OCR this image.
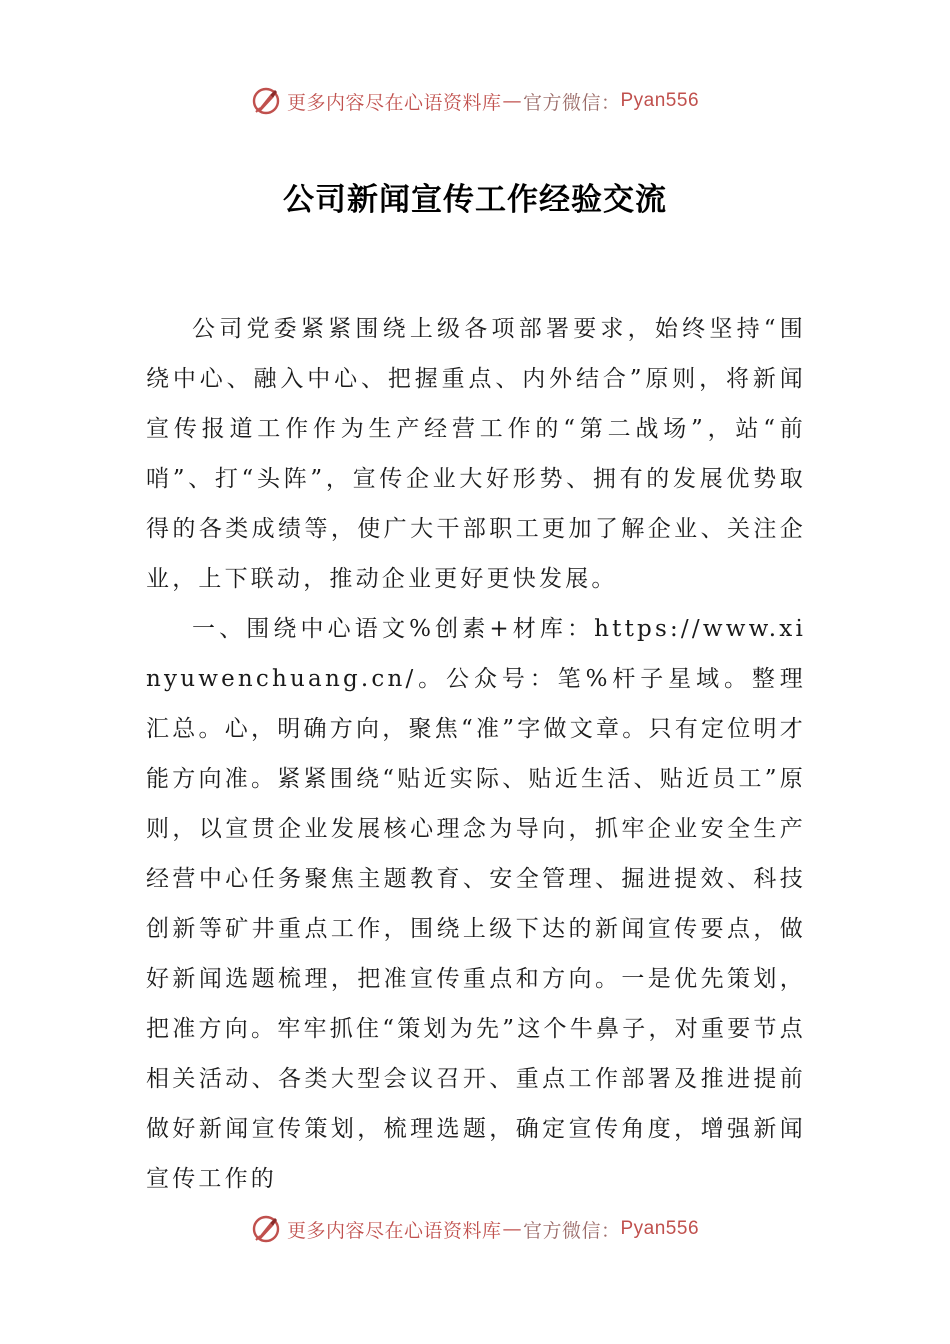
更多内容尽在心语资料库 — 官方微信： Pyan556
公司新闻宣传工作经验交流

公司党委紧紧围绕上级各项部署要求，始终坚持“围绕中心、融入中心、把握重点、内外结合”原则，将新闻宣传报道工作作为生产经营工作的“第二战场”，站“前哨”、打“头阵”，宣传企业大好形势、拥有的发展优势取得的各类成绩等，使广大干部职工更加了解企业、关注企业，上下联动，推动企业更好更快发展。

一、围绕中心语文%创素+材库：https://www.xinyuwenchuang.cn/。公众号：笔%杆子星域。整理汇总。心，明确方向，聚焦“准”字做文章。只有定位明才能方向准。紧紧围绕“贴近实际、贴近生活、贴近员工”原则，以宣贯企业发展核心理念为导向，抓牢企业安全生产经营中心任务聚焦主题教育、安全管理、掘进提效、科技创新等矿井重点工作，围绕上级下达的新闻宣传要点，做好新闻选题梳理，把准宣传重点和方向。一是优先策划，把准方向。牢牢抓住“策划为先”这个牛鼻子，对重要节点相关活动、各类大型会议召开、重点工作部署及推进提前做好新闻宣传策划，梳理选题，确定宣传角度，增强新闻宣传工作的

更多内容尽在心语资料库 — 官方微信： Pyan556
